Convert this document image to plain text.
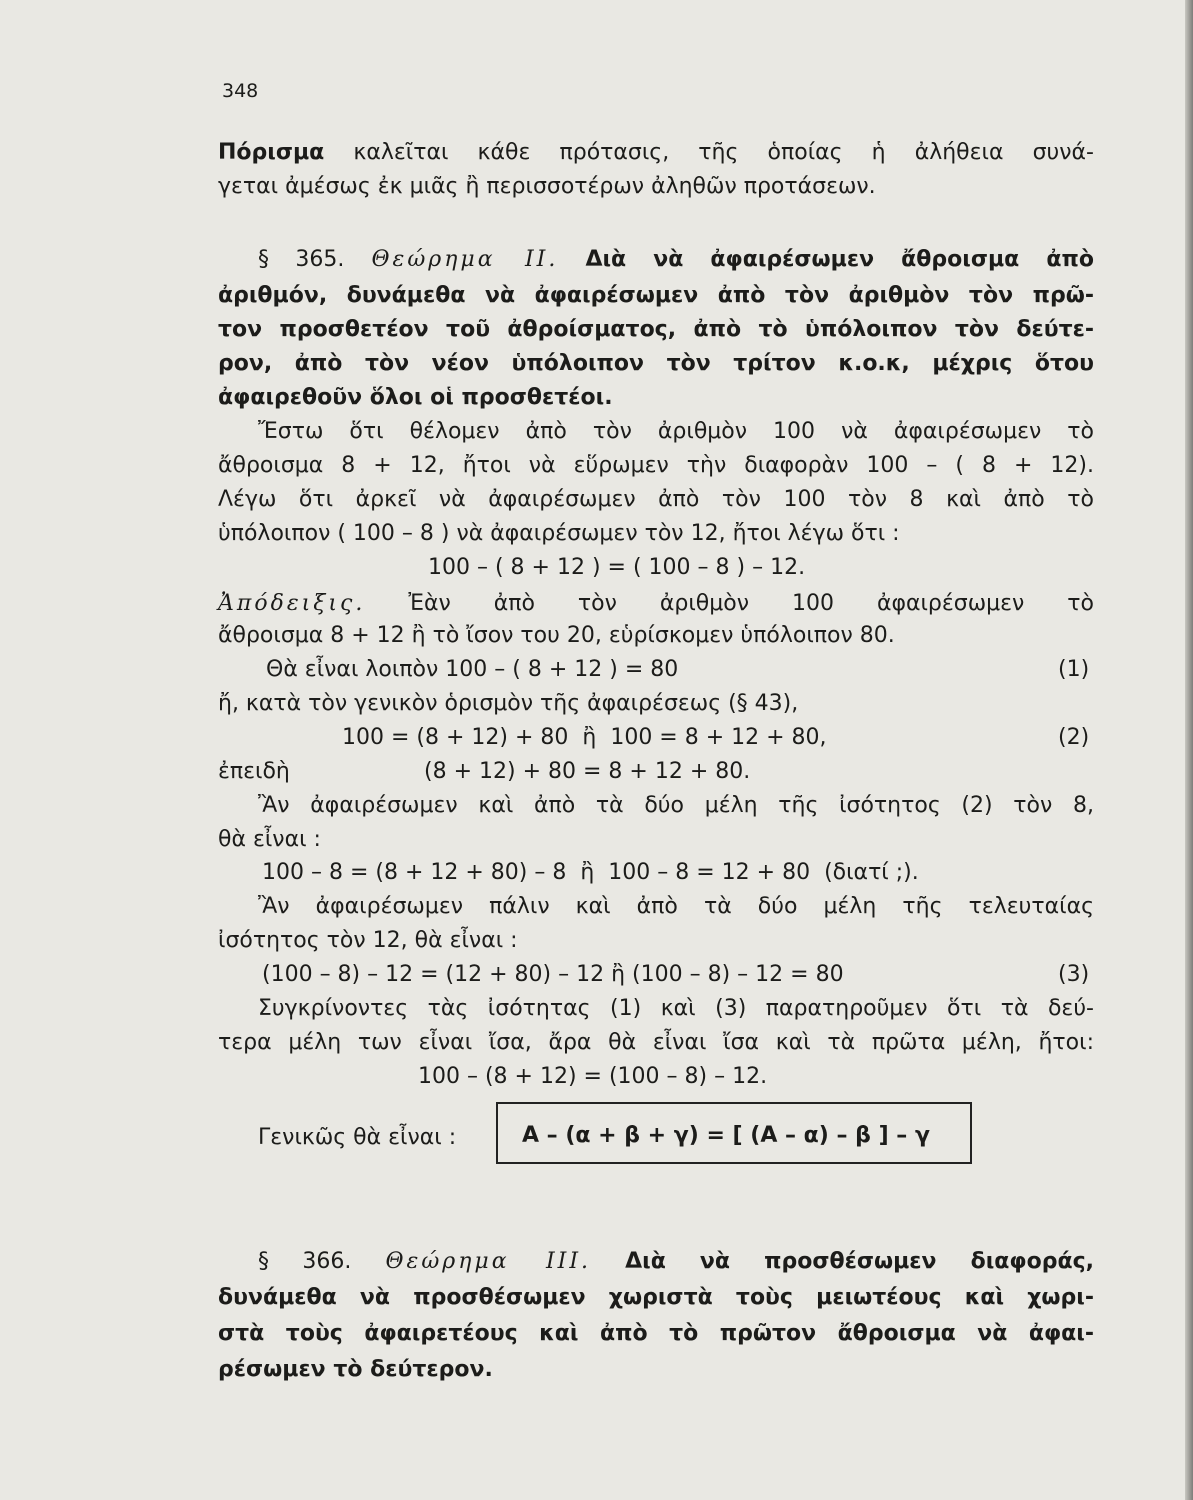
348
Πόρισμα καλεῖται κάθε πρότασις, τῆς ὁποίας ἡ ἀλήθεια συνά-
γεται ἀμέσως ἐκ μιᾶς ἢ περισσοτέρων ἀληθῶν προτάσεων.
§ 365. Θεώρημα ΙΙ. Διὰ νὰ ἀφαιρέσωμεν ἄθροισμα ἀπὸ
ἀριθμόν, δυνάμεθα νὰ ἀφαιρέσωμεν ἀπὸ τὸν ἀριθμὸν τὸν πρῶ-
τον προσθετέον τοῦ ἀθροίσματος, ἀπὸ τὸ ὑπόλοιπον τὸν δεύτε-
ρον, ἀπὸ τὸν νέον ὑπόλοιπον τὸν τρίτον κ.ο.κ, μέχρις ὅτου
ἀφαιρεθοῦν ὅλοι οἱ προσθετέοι.
Ἔστω ὅτι θέλομεν ἀπὸ τὸν ἀριθμὸν 100 νὰ ἀφαιρέσωμεν τὸ
ἄθροισμα 8 + 12, ἤτοι νὰ εὕρωμεν τὴν διαφορὰν 100 – ( 8 + 12).
Λέγω ὅτι ἀρκεῖ νὰ ἀφαιρέσωμεν ἀπὸ τὸν 100 τὸν 8 καὶ ἀπὸ τὸ
ὑπόλοιπον ( 100 – 8 ) νὰ ἀφαιρέσωμεν τὸν 12, ἤτοι λέγω ὅτι :
100 – ( 8 + 12 ) = ( 100 – 8 ) – 12.
Ἀπόδειξις. Ἐὰν ἀπὸ τὸν ἀριθμὸν 100 ἀφαιρέσωμεν τὸ
ἄθροισμα 8 + 12 ἢ τὸ ἴσον του 20, εὑρίσκομεν ὑπόλοιπον 80.
Θὰ εἶναι λοιπὸν 100 – ( 8 + 12 ) = 80	(1)
ἤ, κατὰ τὸν γενικὸν ὁρισμὸν τῆς ἀφαιρέσεως (§ 43),
100 = (8 + 12) + 80  ἢ  100 = 8 + 12 + 80,	(2)
ἐπειδὴ	(8 + 12) + 80 = 8 + 12 + 80.
Ἂν ἀφαιρέσωμεν καὶ ἀπὸ τὰ δύο μέλη τῆς ἰσότητος (2) τὸν 8,
θὰ εἶναι :
100 – 8 = (8 + 12 + 80) – 8  ἢ  100 – 8 = 12 + 80  (διατί ;).
Ἂν ἀφαιρέσωμεν πάλιν καὶ ἀπὸ τὰ δύο μέλη τῆς τελευταίας
ἰσότητος τὸν 12, θὰ εἶναι :
(100 – 8) – 12 = (12 + 80) – 12 ἢ (100 – 8) – 12 = 80	(3)
Συγκρίνοντες τὰς ἰσότητας (1) καὶ (3) παρατηροῦμεν ὅτι τὰ δεύ-
τερα μέλη των εἶναι ἴσα, ἄρα θὰ εἶναι ἴσα καὶ τὰ πρῶτα μέλη, ἤτοι:
100 – (8 + 12) = (100 – 8) – 12.
Γενικῶς θὰ εἶναι :	Α – (α + β + γ) = [ (Α – α) – β ] – γ
§ 366. Θεώρημα ΙΙΙ. Διὰ νὰ προσθέσωμεν διαφοράς,
δυνάμεθα νὰ προσθέσωμεν χωριστὰ τοὺς μειωτέους καὶ χωρι-
στὰ τοὺς ἀφαιρετέους καὶ ἀπὸ τὸ πρῶτον ἄθροισμα νὰ ἀφαι-
ρέσωμεν τὸ δεύτερον.
